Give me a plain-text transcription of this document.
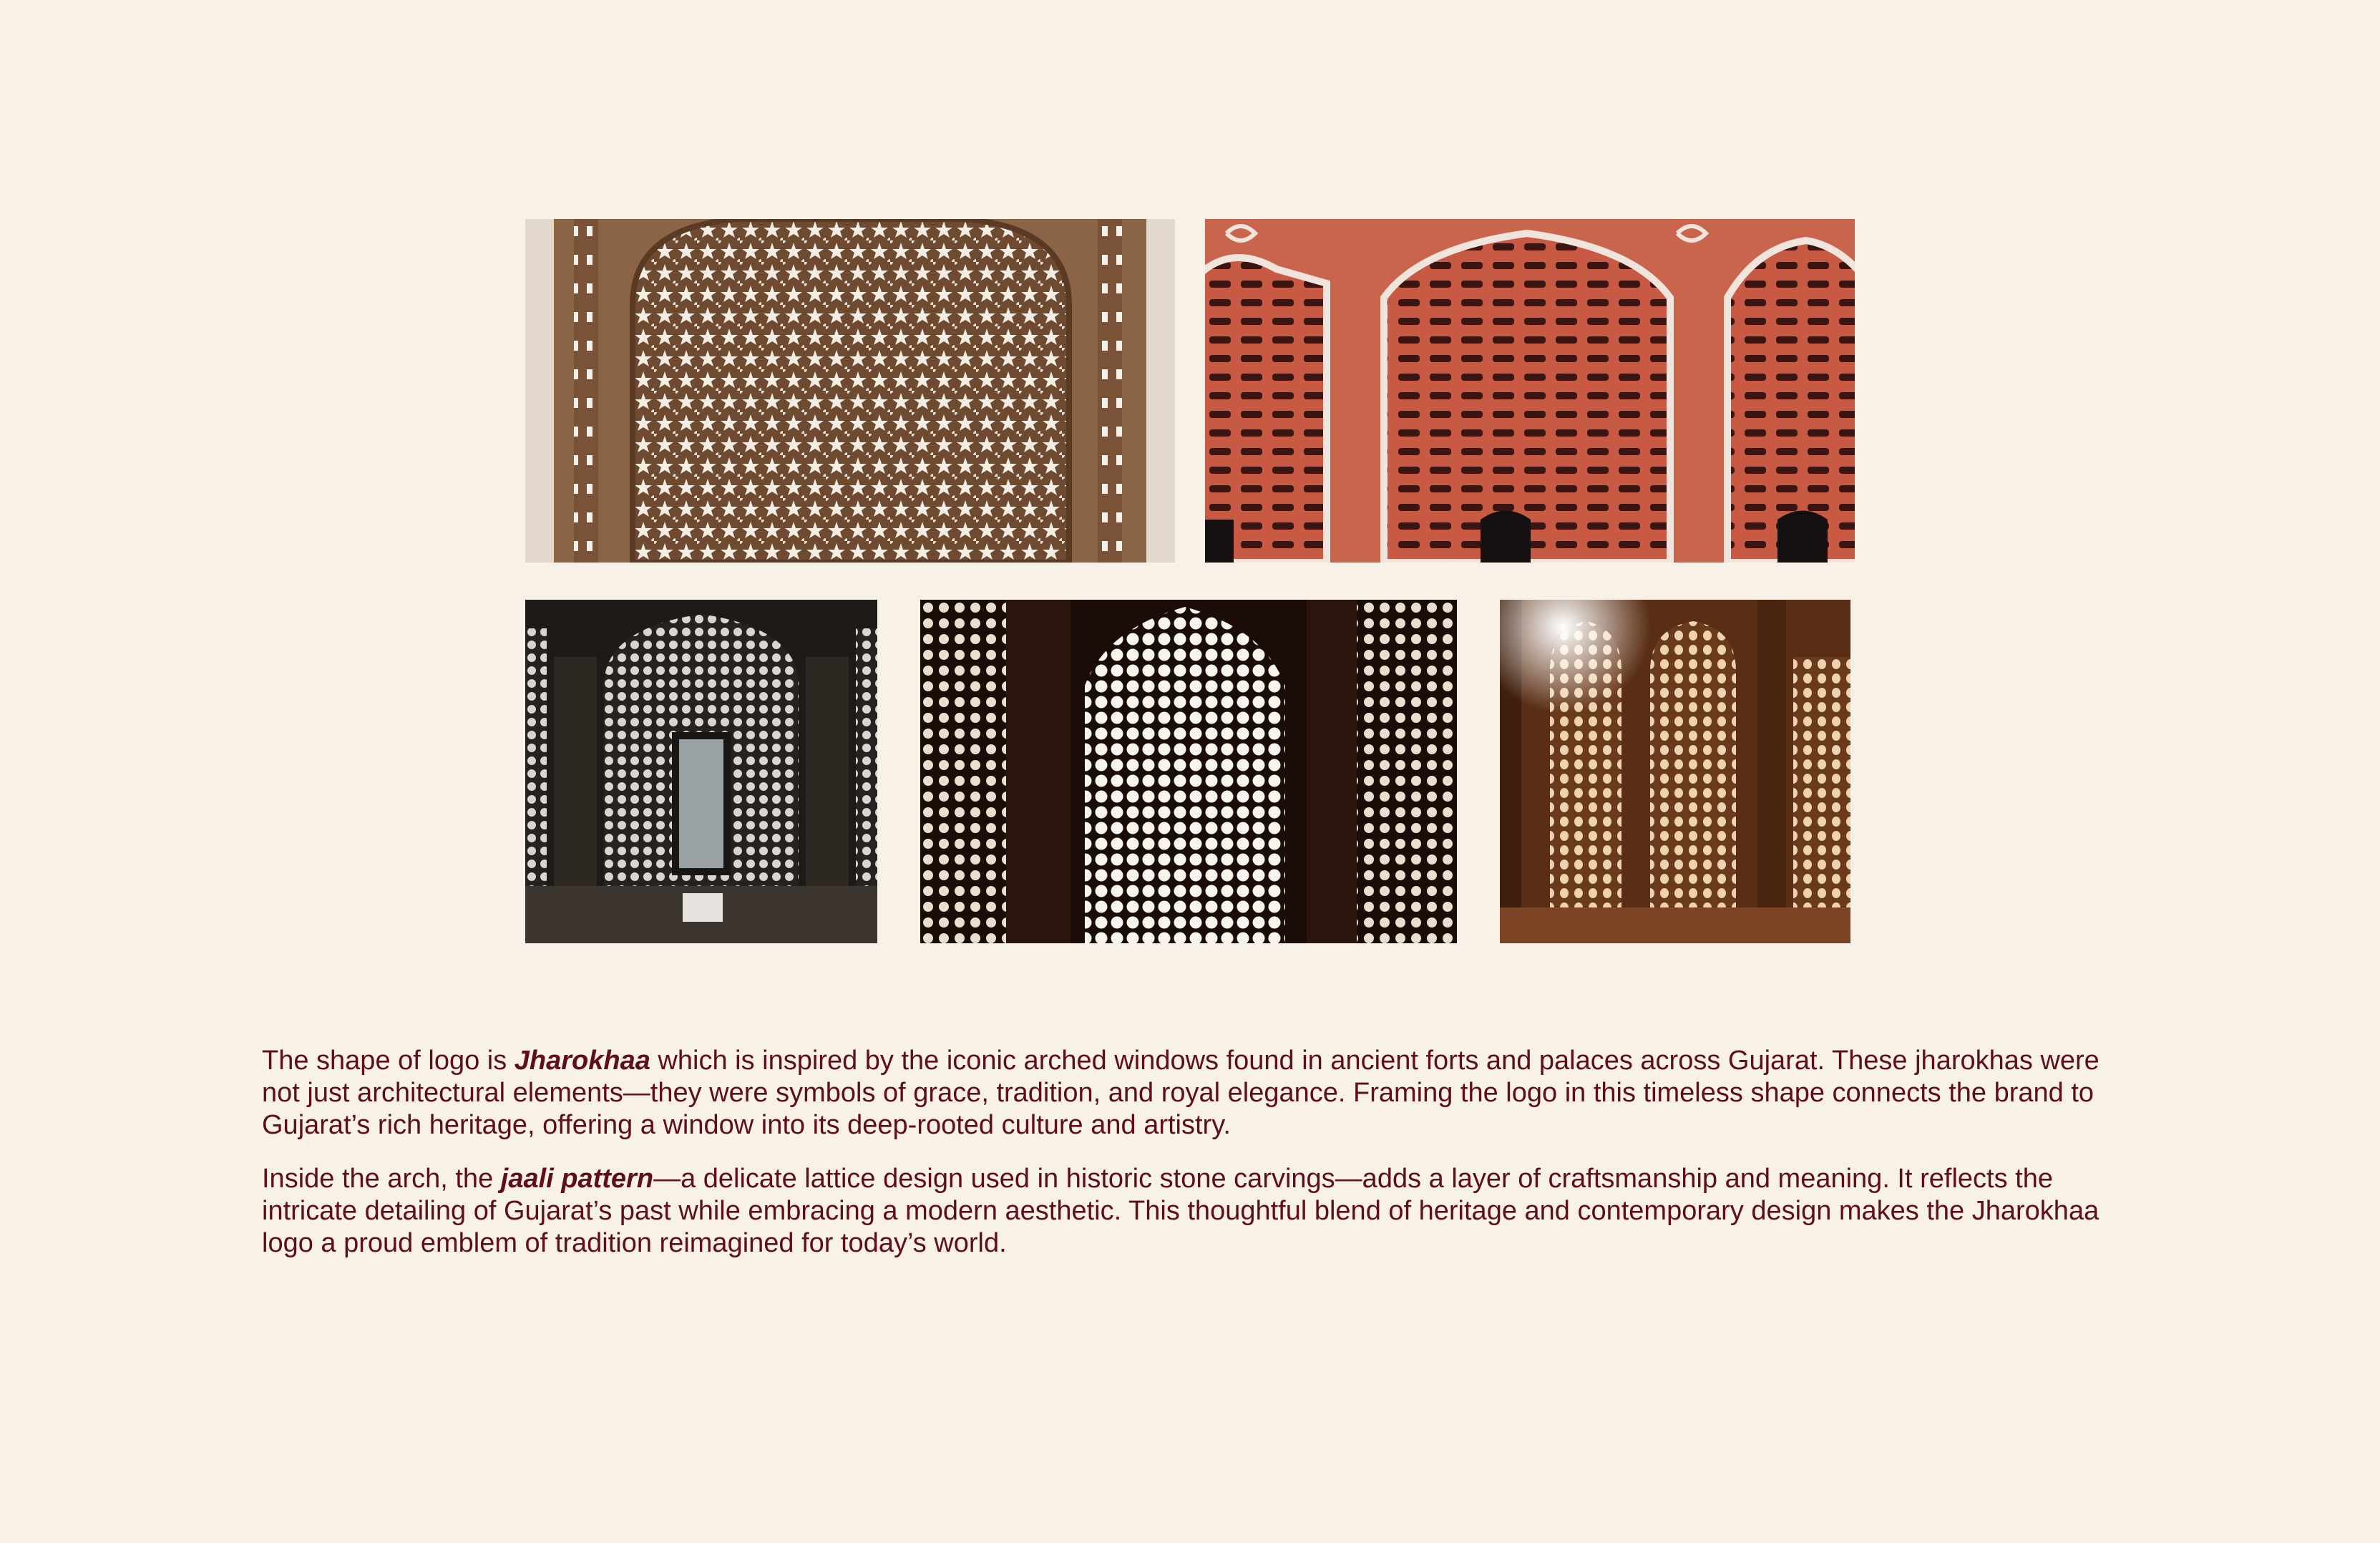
The shape of logo is Jharokhaa which is inspired by the iconic arched windows found in ancient forts and palaces across Gujarat. These jharokhas were not just architectural elements—they were symbols of grace, tradition, and royal elegance. Framing the logo in this timeless shape connects the brand to Gujarat’s rich heritage, offering a window into its deep-rooted culture and artistry.

Inside the arch, the jaali pattern—a delicate lattice design used in historic stone carvings—adds a layer of craftsmanship and meaning. It reflects the intricate detailing of Gujarat’s past while embracing a modern aesthetic. This thoughtful blend of heritage and contemporary design makes the Jharokhaa logo a proud emblem of tradition reimagined for today’s world.
